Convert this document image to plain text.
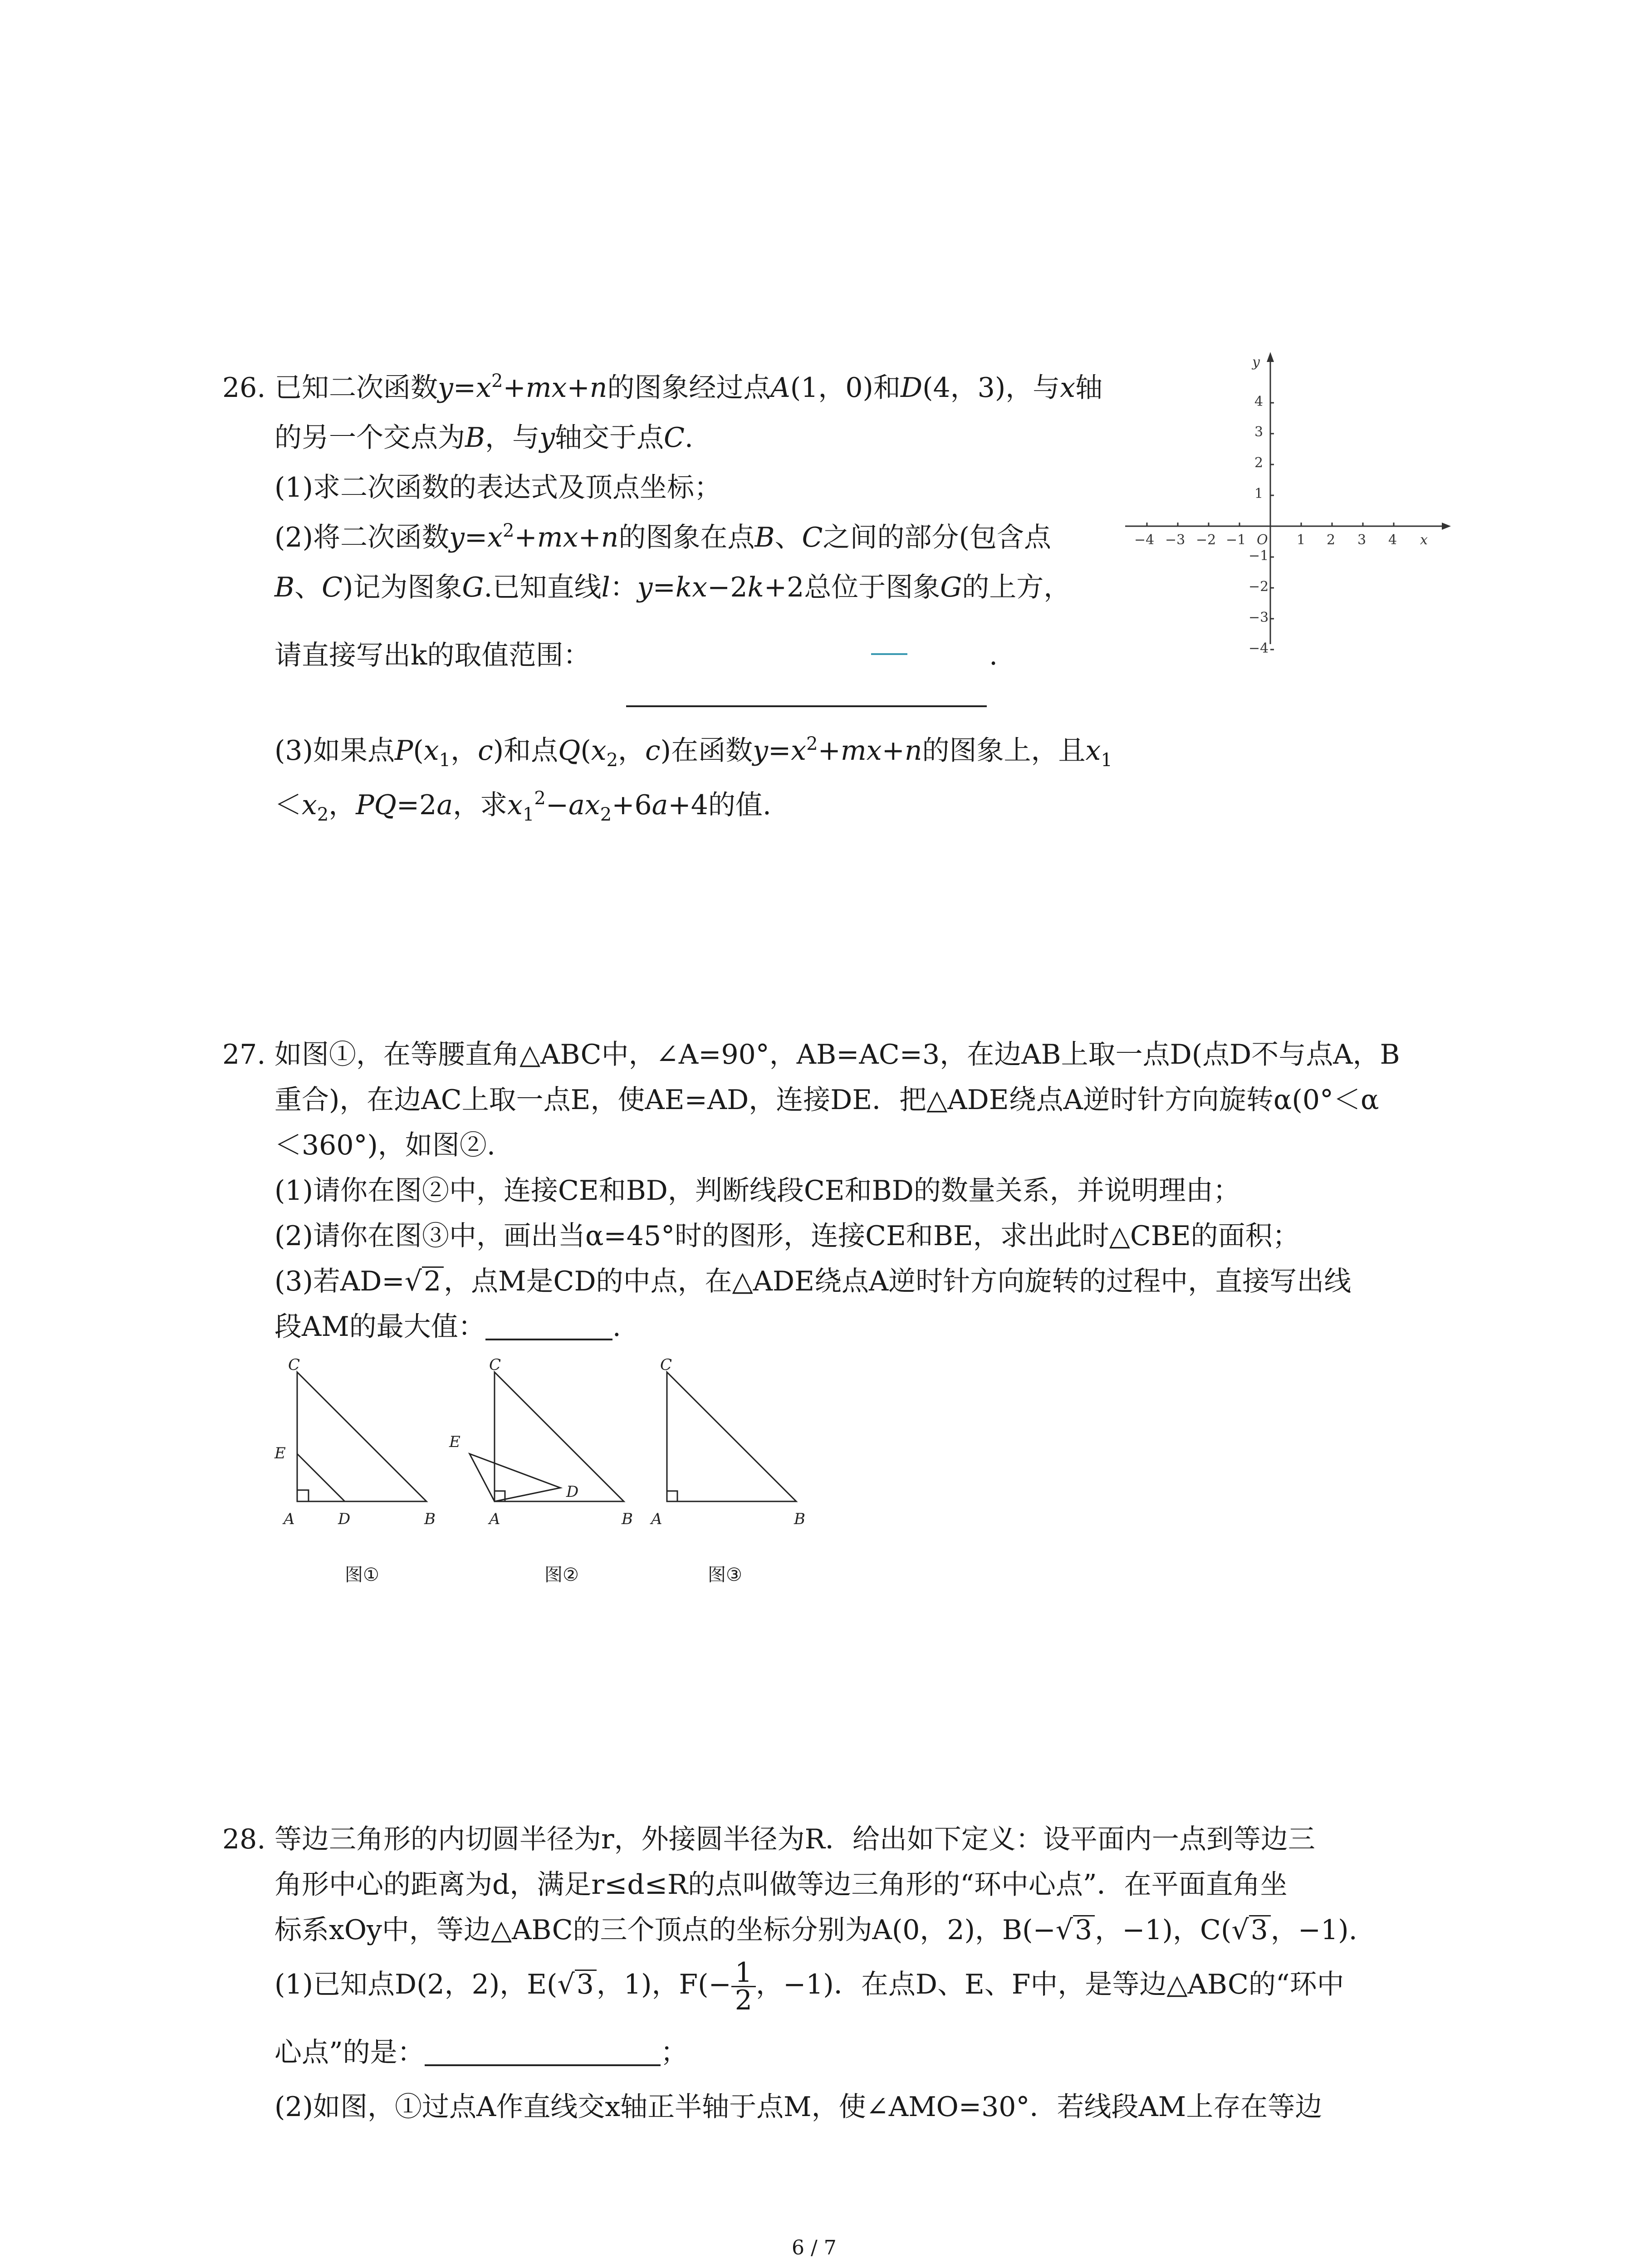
26. 已知二次函数$y=x^2+mx+n$的图象经过点A(1，0)和D(4，3)，与x轴
的另一个交点为B，与y轴交于点C.
(1)求二次函数的表达式及顶点坐标；
(2)将二次函数$y=x^2+mx+n$的图象在点B、C之间的部分(包含点
B、C)记为图象G.已知直线l：y=kx−2k+2总位于图象G的上方，
请直接写出k的取值范围：	.
(3)如果点$P(x_1$，c)和点$Q(x_2$，c)在函数$y=x^2+mx+n$的图象上，且$x_1$
$<x_2$，PQ=2a，求$x_1^2-ax_2+6a+4$的值.
−4 −3 −2 −1	1 2 3 4 x
O
y
4
3
2
1
−1
−2
−3
−4
27. 如图①，在等腰直角△ABC中，∠A=90°，AB=AC=3，在边AB上取一点D(点D不与点A，B
重合)，在边AC上取一点E，使AE=AD，连接DE．把△ADE绕点A逆时针方向旋转α(0°＜α
＜360°)，如图②.
(1)请你在图②中，连接CE和BD，判断线段CE和BD的数量关系，并说明理由；
(2)请你在图③中，画出当α=45°时的图形，连接CE和BE，求出此时△CBE的面积；
(3)若AD=√2 ，点M是CD的中点，在△ADE绕点A逆时针方向旋转的过程中，直接写出线
段AM的最大值：	.
C
E
A	D	B
图①
C
E
D
A	B
图②
C
A	B
图③
28. 等边三角形的内切圆半径为r，外接圆半径为R．给出如下定义：设平面内一点到等边三
角形中心的距离为d，满足r≤d≤R的点叫做等边三角形的“环中心点”．在平面直角坐
标系xOy中，等边△ABC的三个顶点的坐标分别为A(0，2)，B(−√3 ，−1)，C(√3 ，−1).
(1)已知点D(2，2)，E(√3 ，1)，$F(- \frac{1}{2}$ ，−1)．在点D、E、F中，是等边△ABC的“环中
心点”的是：	；
(2)如图，①过点A作直线交x轴正半轴于点M，使∠AMO=30°．若线段AM上存在等边
6 / 7
